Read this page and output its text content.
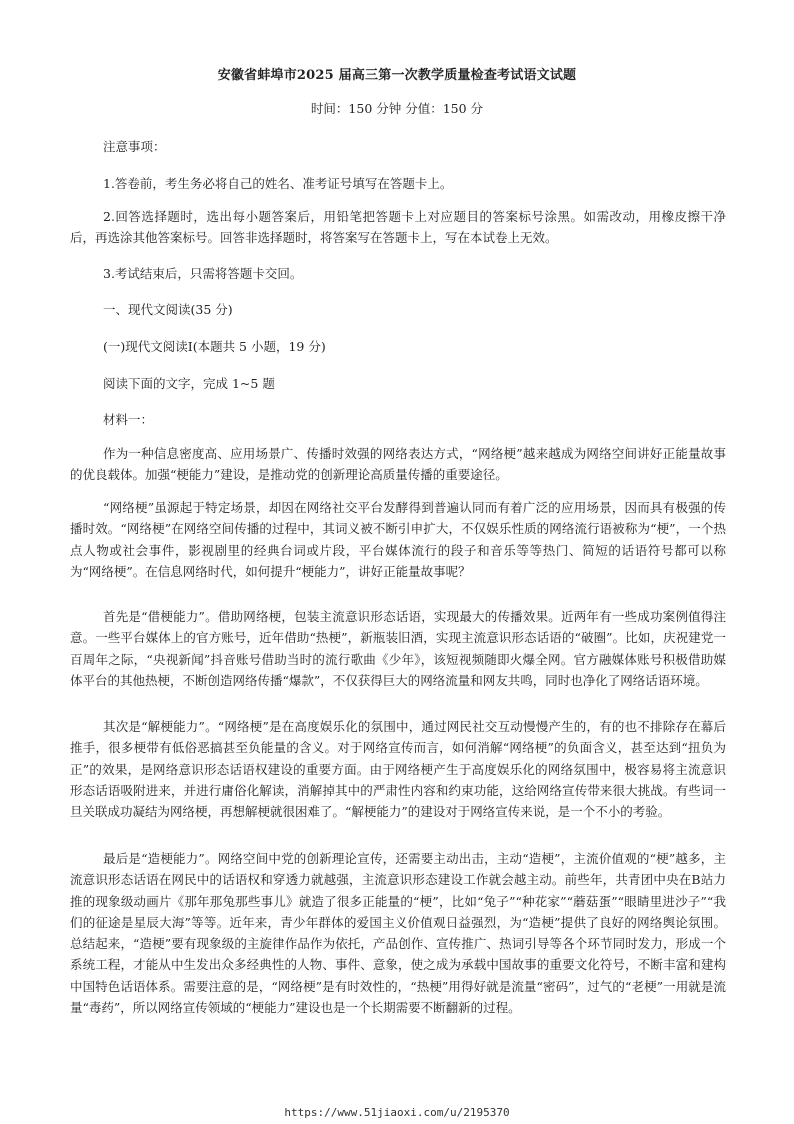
安徽省蚌埠市2025 届高三第一次教学质量检查考试语文试题
时间：150 分钟 分值：150 分
注意事项：
1.答卷前，考生务必将自己的姓名、准考证号填写在答题卡上。
2.回答选择题时，选出每小题答案后，用铅笔把答题卡上对应题目的答案标号涂黑。如需改动，用橡皮擦干净后，再选涂其他答案标号。回答非选择题时，将答案写在答题卡上，写在本试卷上无效。
3.考试结束后，只需将答题卡交回。
一、现代文阅读(35 分)
(一)现代文阅读Ⅰ(本题共 5 小题，19 分)
阅读下面的文字，完成 1~5 题
材料一：
作为一种信息密度高、应用场景广、传播时效强的网络表达方式，“网络梗”越来越成为网络空间讲好正能量故事的优良载体。加强“梗能力”建设，是推动党的创新理论高质量传播的重要途径。
“网络梗”虽源起于特定场景，却因在网络社交平台发酵得到普遍认同而有着广泛的应用场景，因而具有极强的传播时效。“网络梗”在网络空间传播的过程中，其词义被不断引申扩大，不仅娱乐性质的网络流行语被称为“梗”，一个热点人物或社会事件，影视剧里的经典台词或片段，平台媒体流行的段子和音乐等等热门、简短的话语符号都可以称为“网络梗”。在信息网络时代，如何提升“梗能力”，讲好正能量故事呢？
首先是“借梗能力”。借助网络梗，包装主流意识形态话语，实现最大的传播效果。近两年有一些成功案例值得注意。一些平台媒体上的官方账号，近年借助“热梗”，新瓶装旧酒，实现主流意识形态话语的“破圈”。比如，庆祝建党一百周年之际，“央视新闻”抖音账号借助当时的流行歌曲《少年》，该短视频随即火爆全网。官方融媒体账号积极借助媒体平台的其他热梗，不断创造网络传播“爆款”，不仅获得巨大的网络流量和网友共鸣，同时也净化了网络话语环境。
其次是“解梗能力”。“网络梗”是在高度娱乐化的氛围中，通过网民社交互动慢慢产生的，有的也不排除存在幕后推手，很多梗带有低俗恶搞甚至负能量的含义。对于网络宣传而言，如何消解“网络梗”的负面含义，甚至达到“扭负为正”的效果，是网络意识形态话语权建设的重要方面。由于网络梗产生于高度娱乐化的网络氛围中，极容易将主流意识形态话语吸附进来，并进行庸俗化解读，消解掉其中的严肃性内容和约束功能，这给网络宣传带来很大挑战。有些词一旦关联成功凝结为网络梗，再想解梗就很困难了。“解梗能力”的建设对于网络宣传来说，是一个不小的考验。
最后是“造梗能力”。网络空间中党的创新理论宣传，还需要主动出击，主动“造梗”，主流价值观的“梗”越多，主流意识形态话语在网民中的话语权和穿透力就越强，主流意识形态建设工作就会越主动。前些年，共青团中央在B站力推的现象级动画片《那年那兔那些事儿》就造了很多正能量的“梗”，比如“兔子”“种花家”“蘑菇蛋”“眼睛里进沙子”“我们的征途是星辰大海”等等。近年来，青少年群体的爱国主义价值观日益强烈，为“造梗”提供了良好的网络舆论氛围。总结起来，“造梗”要有现象级的主旋律作品作为依托，产品创作、宣传推广、热词引导等各个环节同时发力，形成一个系统工程，才能从中生发出众多经典性的人物、事件、意象，使之成为承载中国故事的重要文化符号，不断丰富和建构中国特色话语体系。需要注意的是，“网络梗”是有时效性的，“热梗”用得好就是流量“密码”，过气的“老梗”一用就是流量“毒药”，所以网络宣传领域的“梗能力”建设也是一个长期需要不断翻新的过程。
https://www.51jiaoxi.com/u/2195370
